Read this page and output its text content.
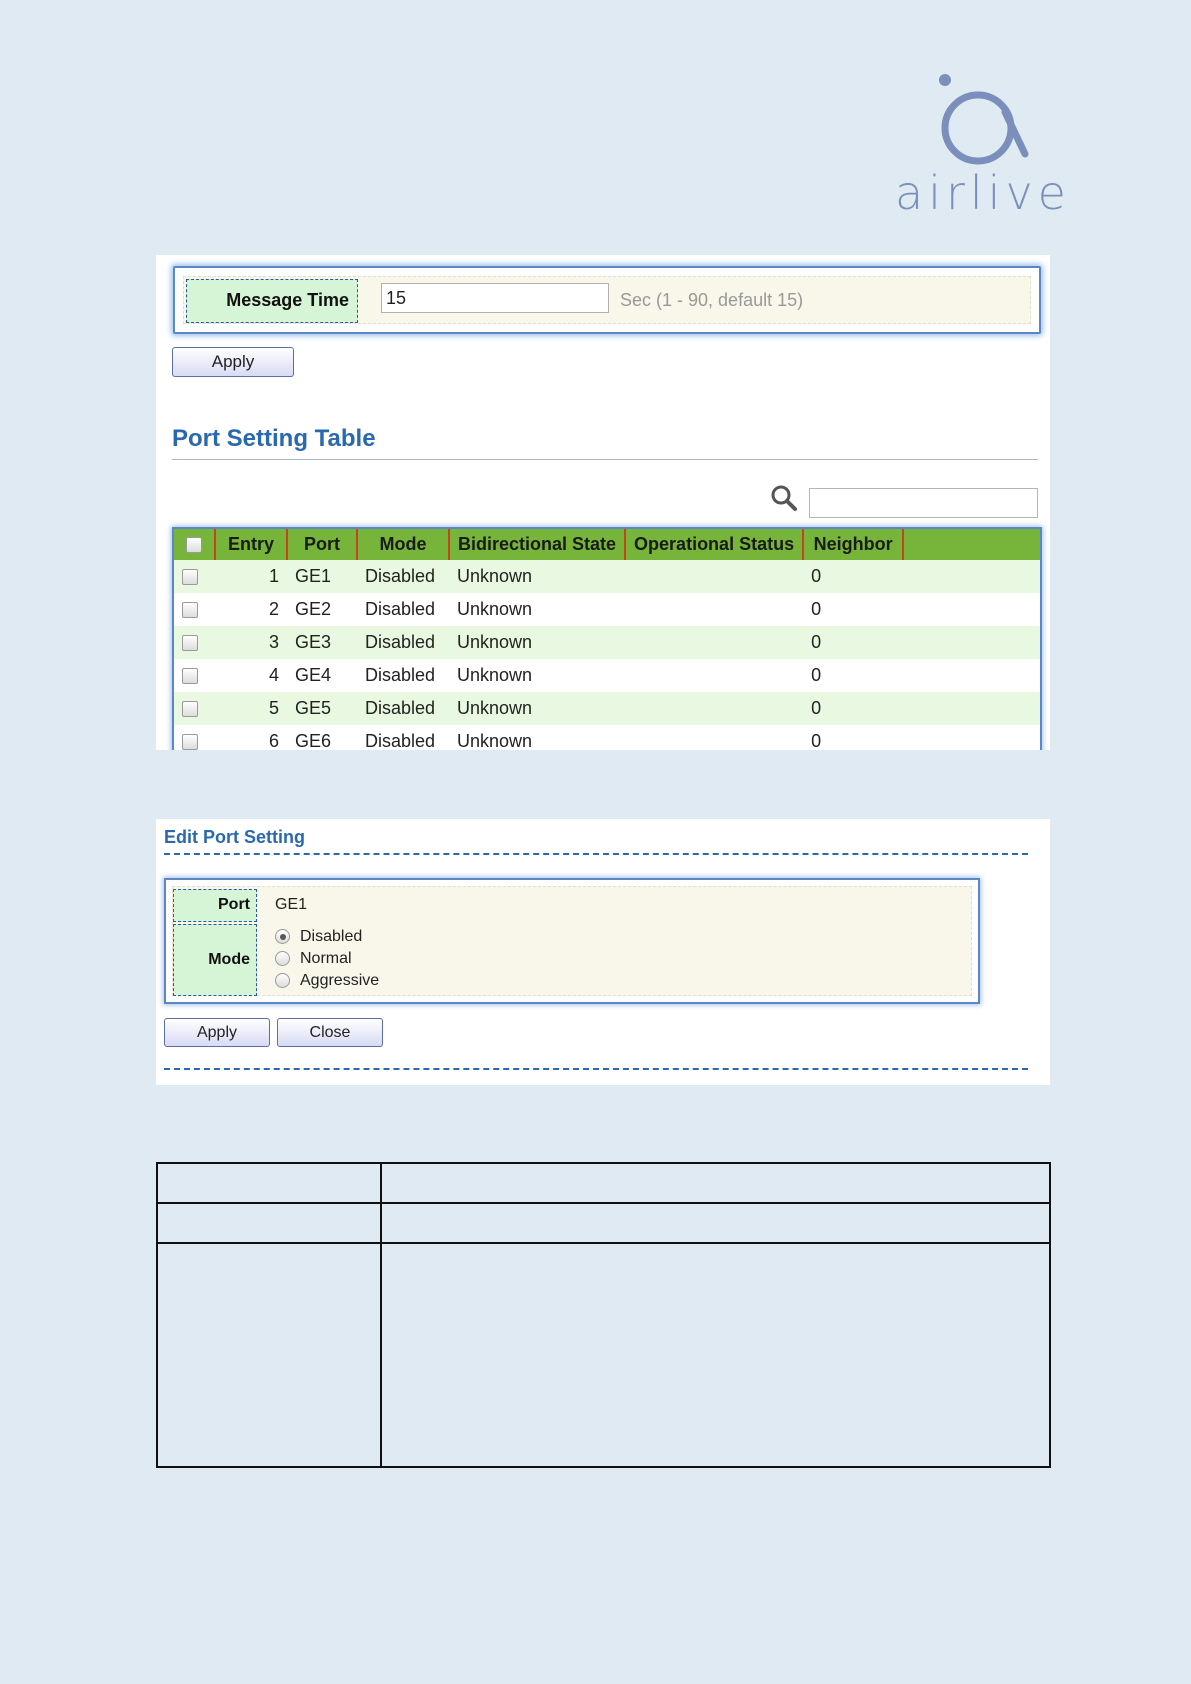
airlive
Message Time
15	Sec (1 - 90, default 15)
Apply
Port Setting Table
	Entry	Port	Mode	Bidirectional State	Operational Status	Neighbor	
	1	GE1	Disabled	Unknown		0	
	2	GE2	Disabled	Unknown		0	
	3	GE3	Disabled	Unknown		0	
	4	GE4	Disabled	Unknown		0	
	5	GE5	Disabled	Unknown		0	
	6	GE6	Disabled	Unknown		0	
Edit Port Setting
Port	GE1
Mode
Disabled
Normal
Aggressive
Apply	Close
